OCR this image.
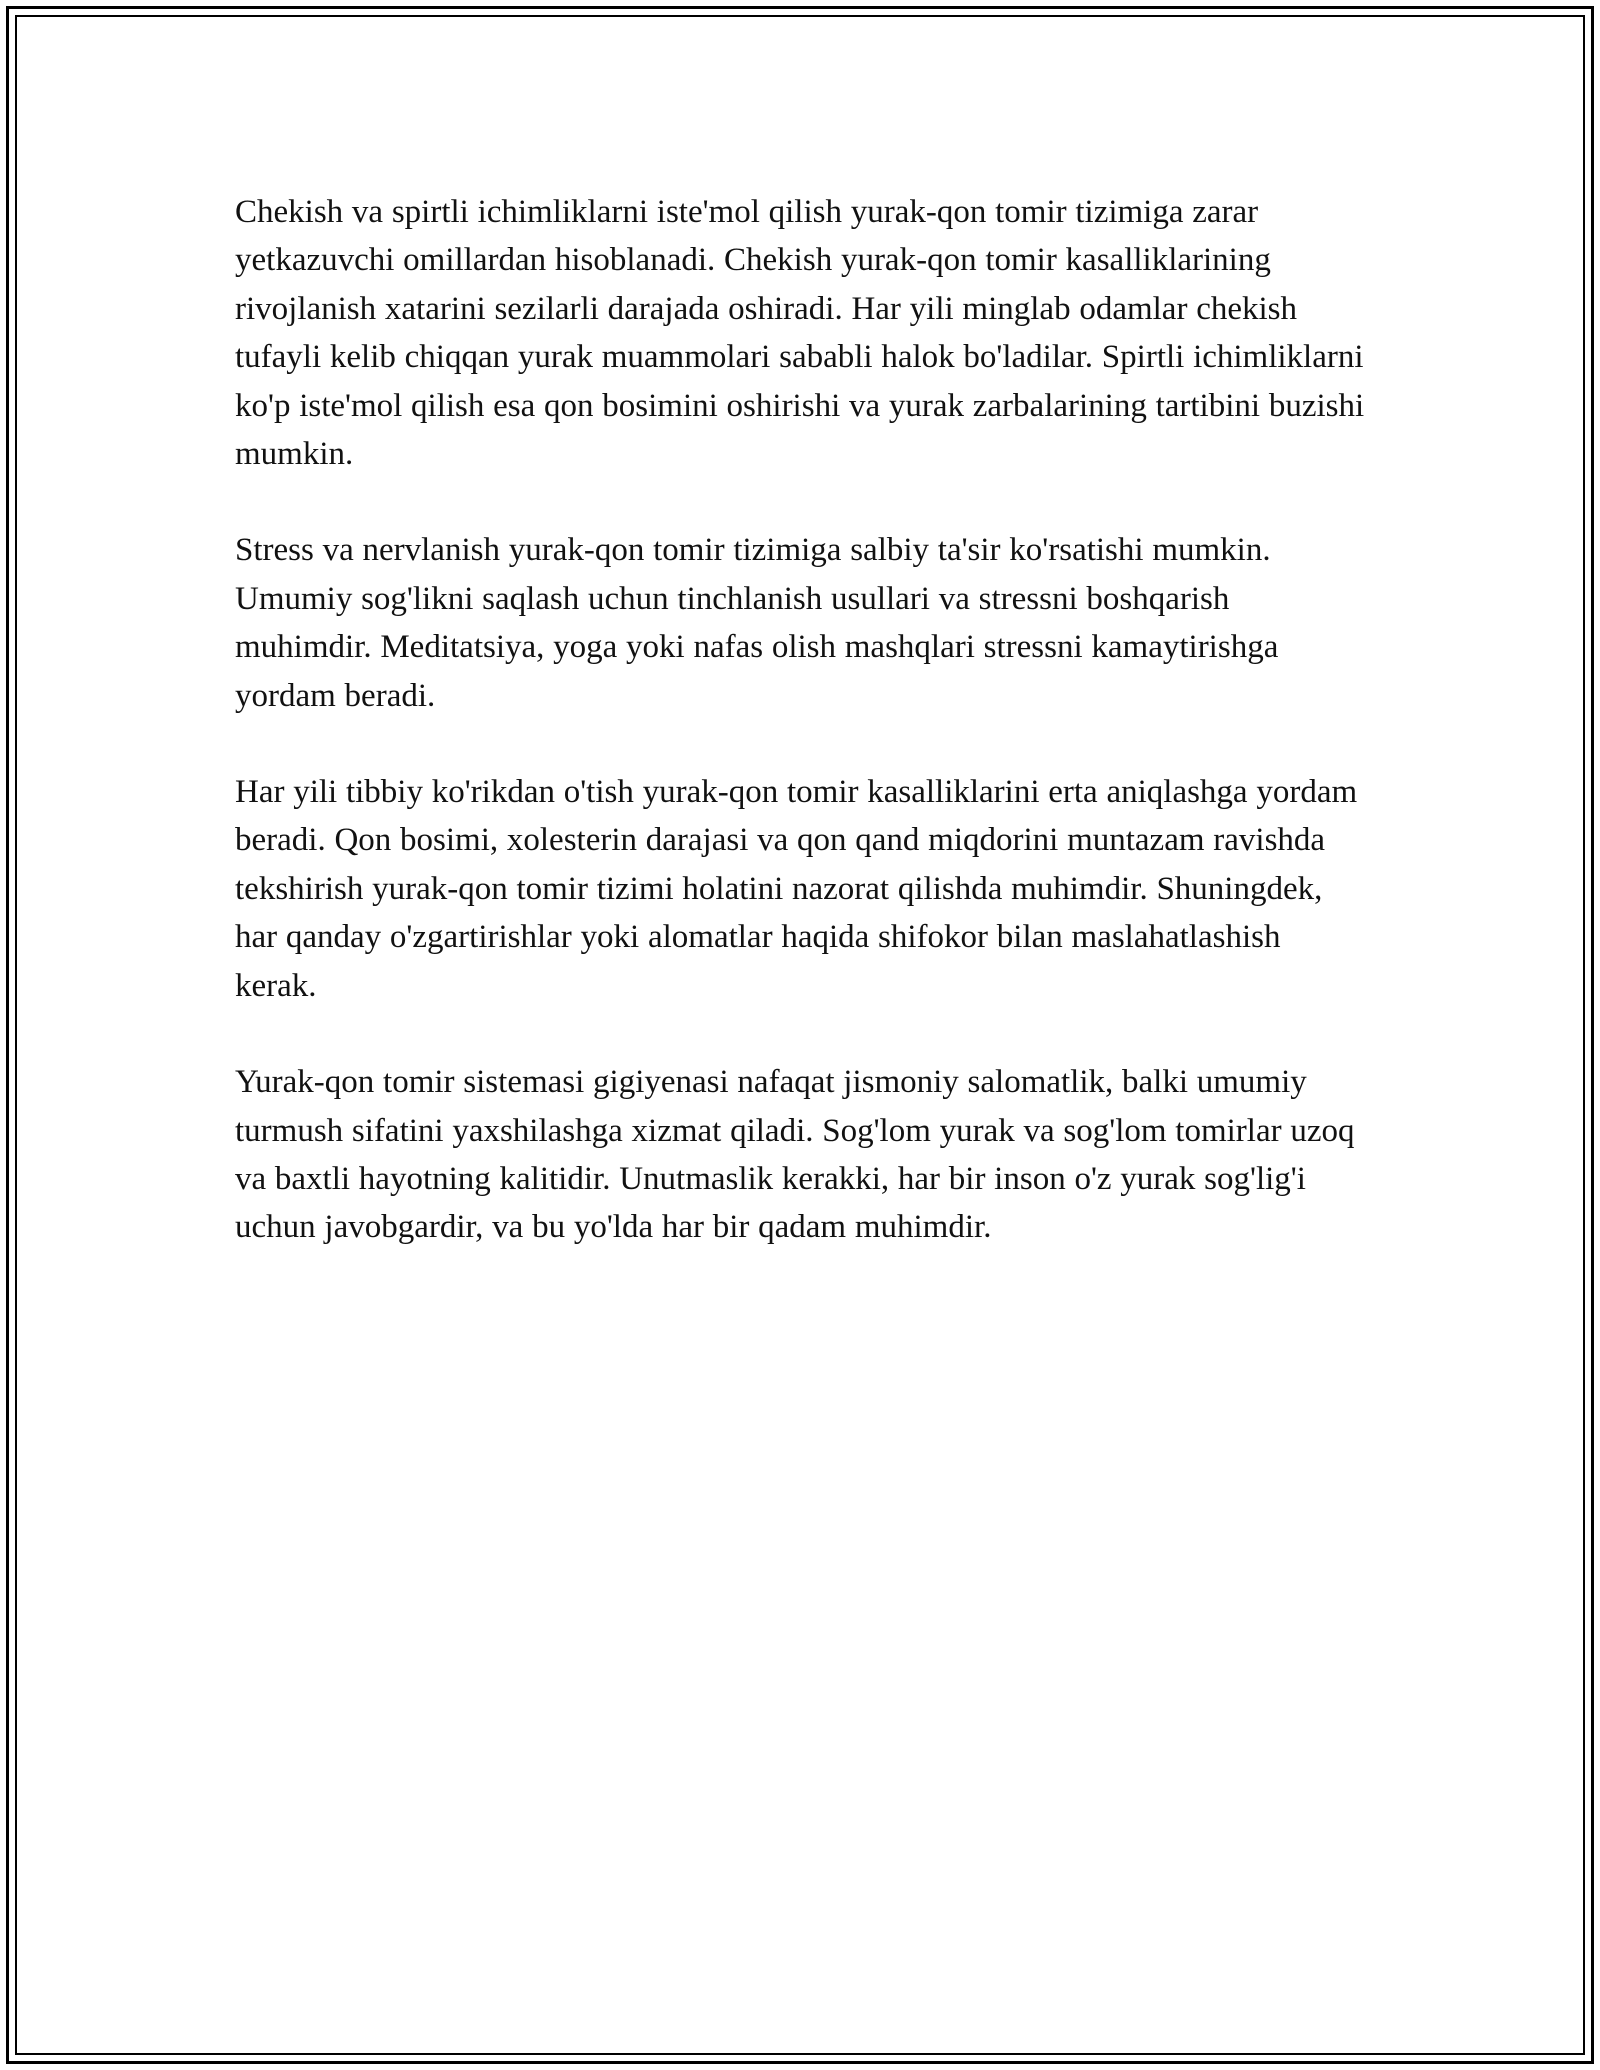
Chekish va spirtli ichimliklarni iste'mol qilish yurak-qon tomir tizimiga zarar yetkazuvchi omillardan hisoblanadi. Chekish yurak-qon tomir kasalliklarining rivojlanish xatarini sezilarli darajada oshiradi. Har yili minglab odamlar chekish tufayli kelib chiqqan yurak muammolari sababli halok bo'ladilar. Spirtli ichimliklarni ko'p iste'mol qilish esa qon bosimini oshirishi va yurak zarbalarining tartibini buzishi mumkin.

Stress va nervlanish yurak-qon tomir tizimiga salbiy ta'sir ko'rsatishi mumkin. Umumiy sog'likni saqlash uchun tinchlanish usullari va stressni boshqarish muhimdir. Meditatsiya, yoga yoki nafas olish mashqlari stressni kamaytirishga yordam beradi.

Har yili tibbiy ko'rikdan o'tish yurak-qon tomir kasalliklarini erta aniqlashga yordam beradi. Qon bosimi, xolesterin darajasi va qon qand miqdorini muntazam ravishda tekshirish yurak-qon tomir tizimi holatini nazorat qilishda muhimdir. Shuningdek, har qanday o'zgartirishlar yoki alomatlar haqida shifokor bilan maslahatlashish kerak.

Yurak-qon tomir sistemasi gigiyenasi nafaqat jismoniy salomatlik, balki umumiy turmush sifatini yaxshilashga xizmat qiladi. Sog'lom yurak va sog'lom tomirlar uzoq va baxtli hayotning kalitidir. Unutmaslik kerakki, har bir inson o'z yurak sog'lig'i uchun javobgardir, va bu yo'lda har bir qadam muhimdir.
